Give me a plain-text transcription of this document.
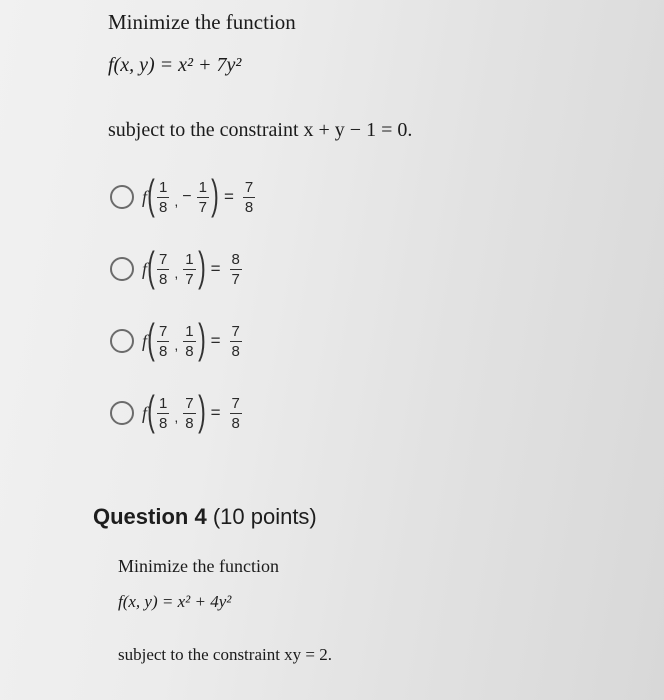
Minimize the function
f(x, y) = x² + 7y²
subject to the constraint x + y − 1 = 0.
f ( $\frac{1}{8}$ , − $\frac{1}{7}$ ) = $\frac{7}{8}$
f ( $\frac{7}{8}$ , $\frac{1}{7}$ ) = $\frac{8}{7}$
f ( $\frac{7}{8}$ , $\frac{1}{8}$ ) = $\frac{7}{8}$
f ( $\frac{1}{8}$ , $\frac{7}{8}$ ) = $\frac{7}{8}$
Question 4 (10 points)
Minimize the function
f(x, y) = x² + 4y²
subject to the constraint xy = 2.
